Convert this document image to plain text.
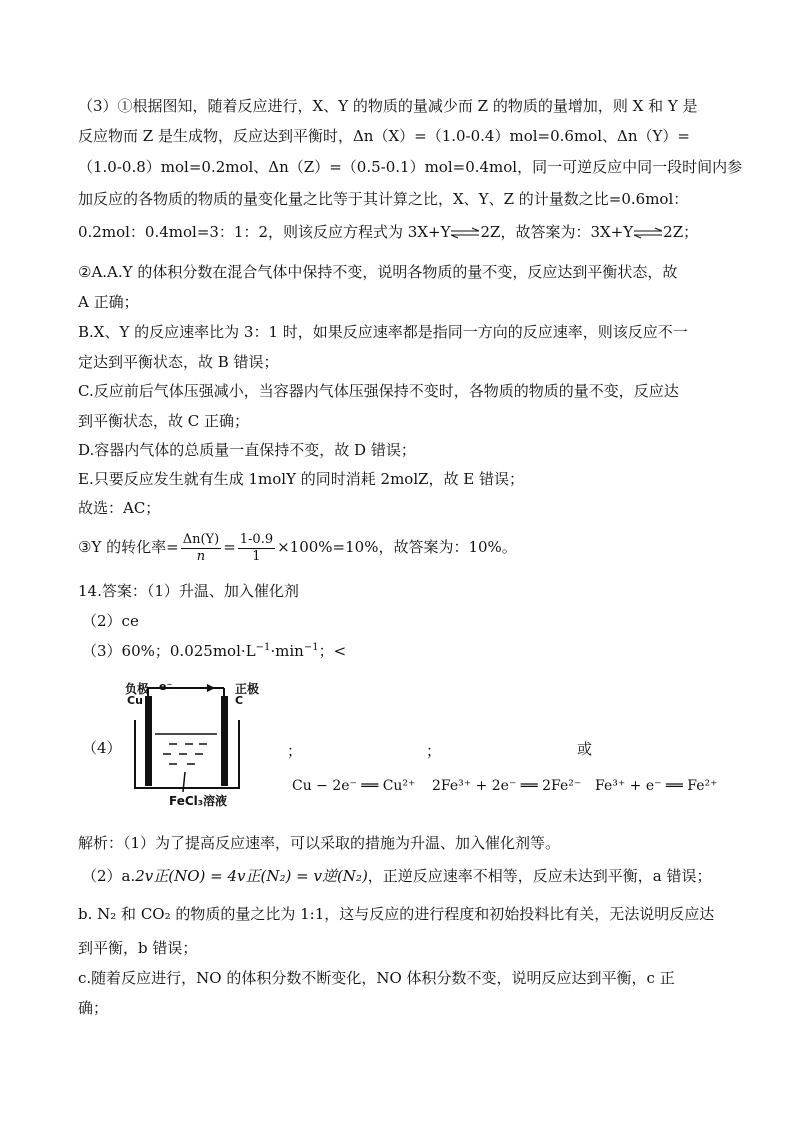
（3）①根据图知，随着反应进行，X、Y 的物质的量减少而 Z 的物质的量增加，则 X 和 Y 是
反应物而 Z 是生成物，反应达到平衡时，Δn（X）=（1.0-0.4）mol=0.6mol、Δn（Y）=
（1.0-0.8）mol=0.2mol、Δn（Z）=（0.5-0.1）mol=0.4mol，同一可逆反应中同一段时间内参
加反应的各物质的物质的量变化量之比等于其计算之比，X、Y、Z 的计量数之比=0.6mol：
0.2mol：0.4mol=3：1：2，则该反应方程式为 3X+Y⇌2Z，故答案为：3X+Y⇌2Z；
②A.A.Y 的体积分数在混合气体中保持不变，说明各物质的量不变，反应达到平衡状态，故
A 正确；
B.X、Y 的反应速率比为 3：1 时，如果反应速率都是指同一方向的反应速率，则该反应不一
定达到平衡状态，故 B 错误；
C.反应前后气体压强减小，当容器内气体压强保持不变时，各物质的物质的量不变，反应达
到平衡状态，故 C 正确；
D.容器内气体的总质量一直保持不变，故 D 错误；
E.只要反应发生就有生成 1molY 的同时消耗 2molZ，故 E 错误；
故选：AC；
③Y 的转化率= $\frac{\Delta n(Y)}{n} = \frac{1-0.9}{1} \times 100\%=10\%$，故答案为：10%。
14.答案：（1）升温、加入催化剂
（2）ce
（3）60%；$0.025mol\cdot L^{-1}\cdot\min^{-1}$；<
（4）
负极
Cu
正极
C
e⁻
FeCl₃溶液
；	；	或
Cu − 2e⁻ ══ Cu²⁺ 2Fe³⁺ + 2e⁻ ══ 2Fe²⁻ Fe³⁺ + e⁻ ══ Fe²⁺
解析：（1）为了提高反应速率，可以采取的措施为升温、加入催化剂等。
（2）a.2v正(NO) = 4v正(N₂) = v逆(N₂)，正逆反应速率不相等，反应未达到平衡，a 错误；
b. N₂ 和 CO₂ 的物质的量之比为 1:1，这与反应的进行程度和初始投料比有关，无法说明反应达
到平衡，b 错误；
c.随着反应进行，NO 的体积分数不断变化，NO 体积分数不变，说明反应达到平衡，c 正
确；
